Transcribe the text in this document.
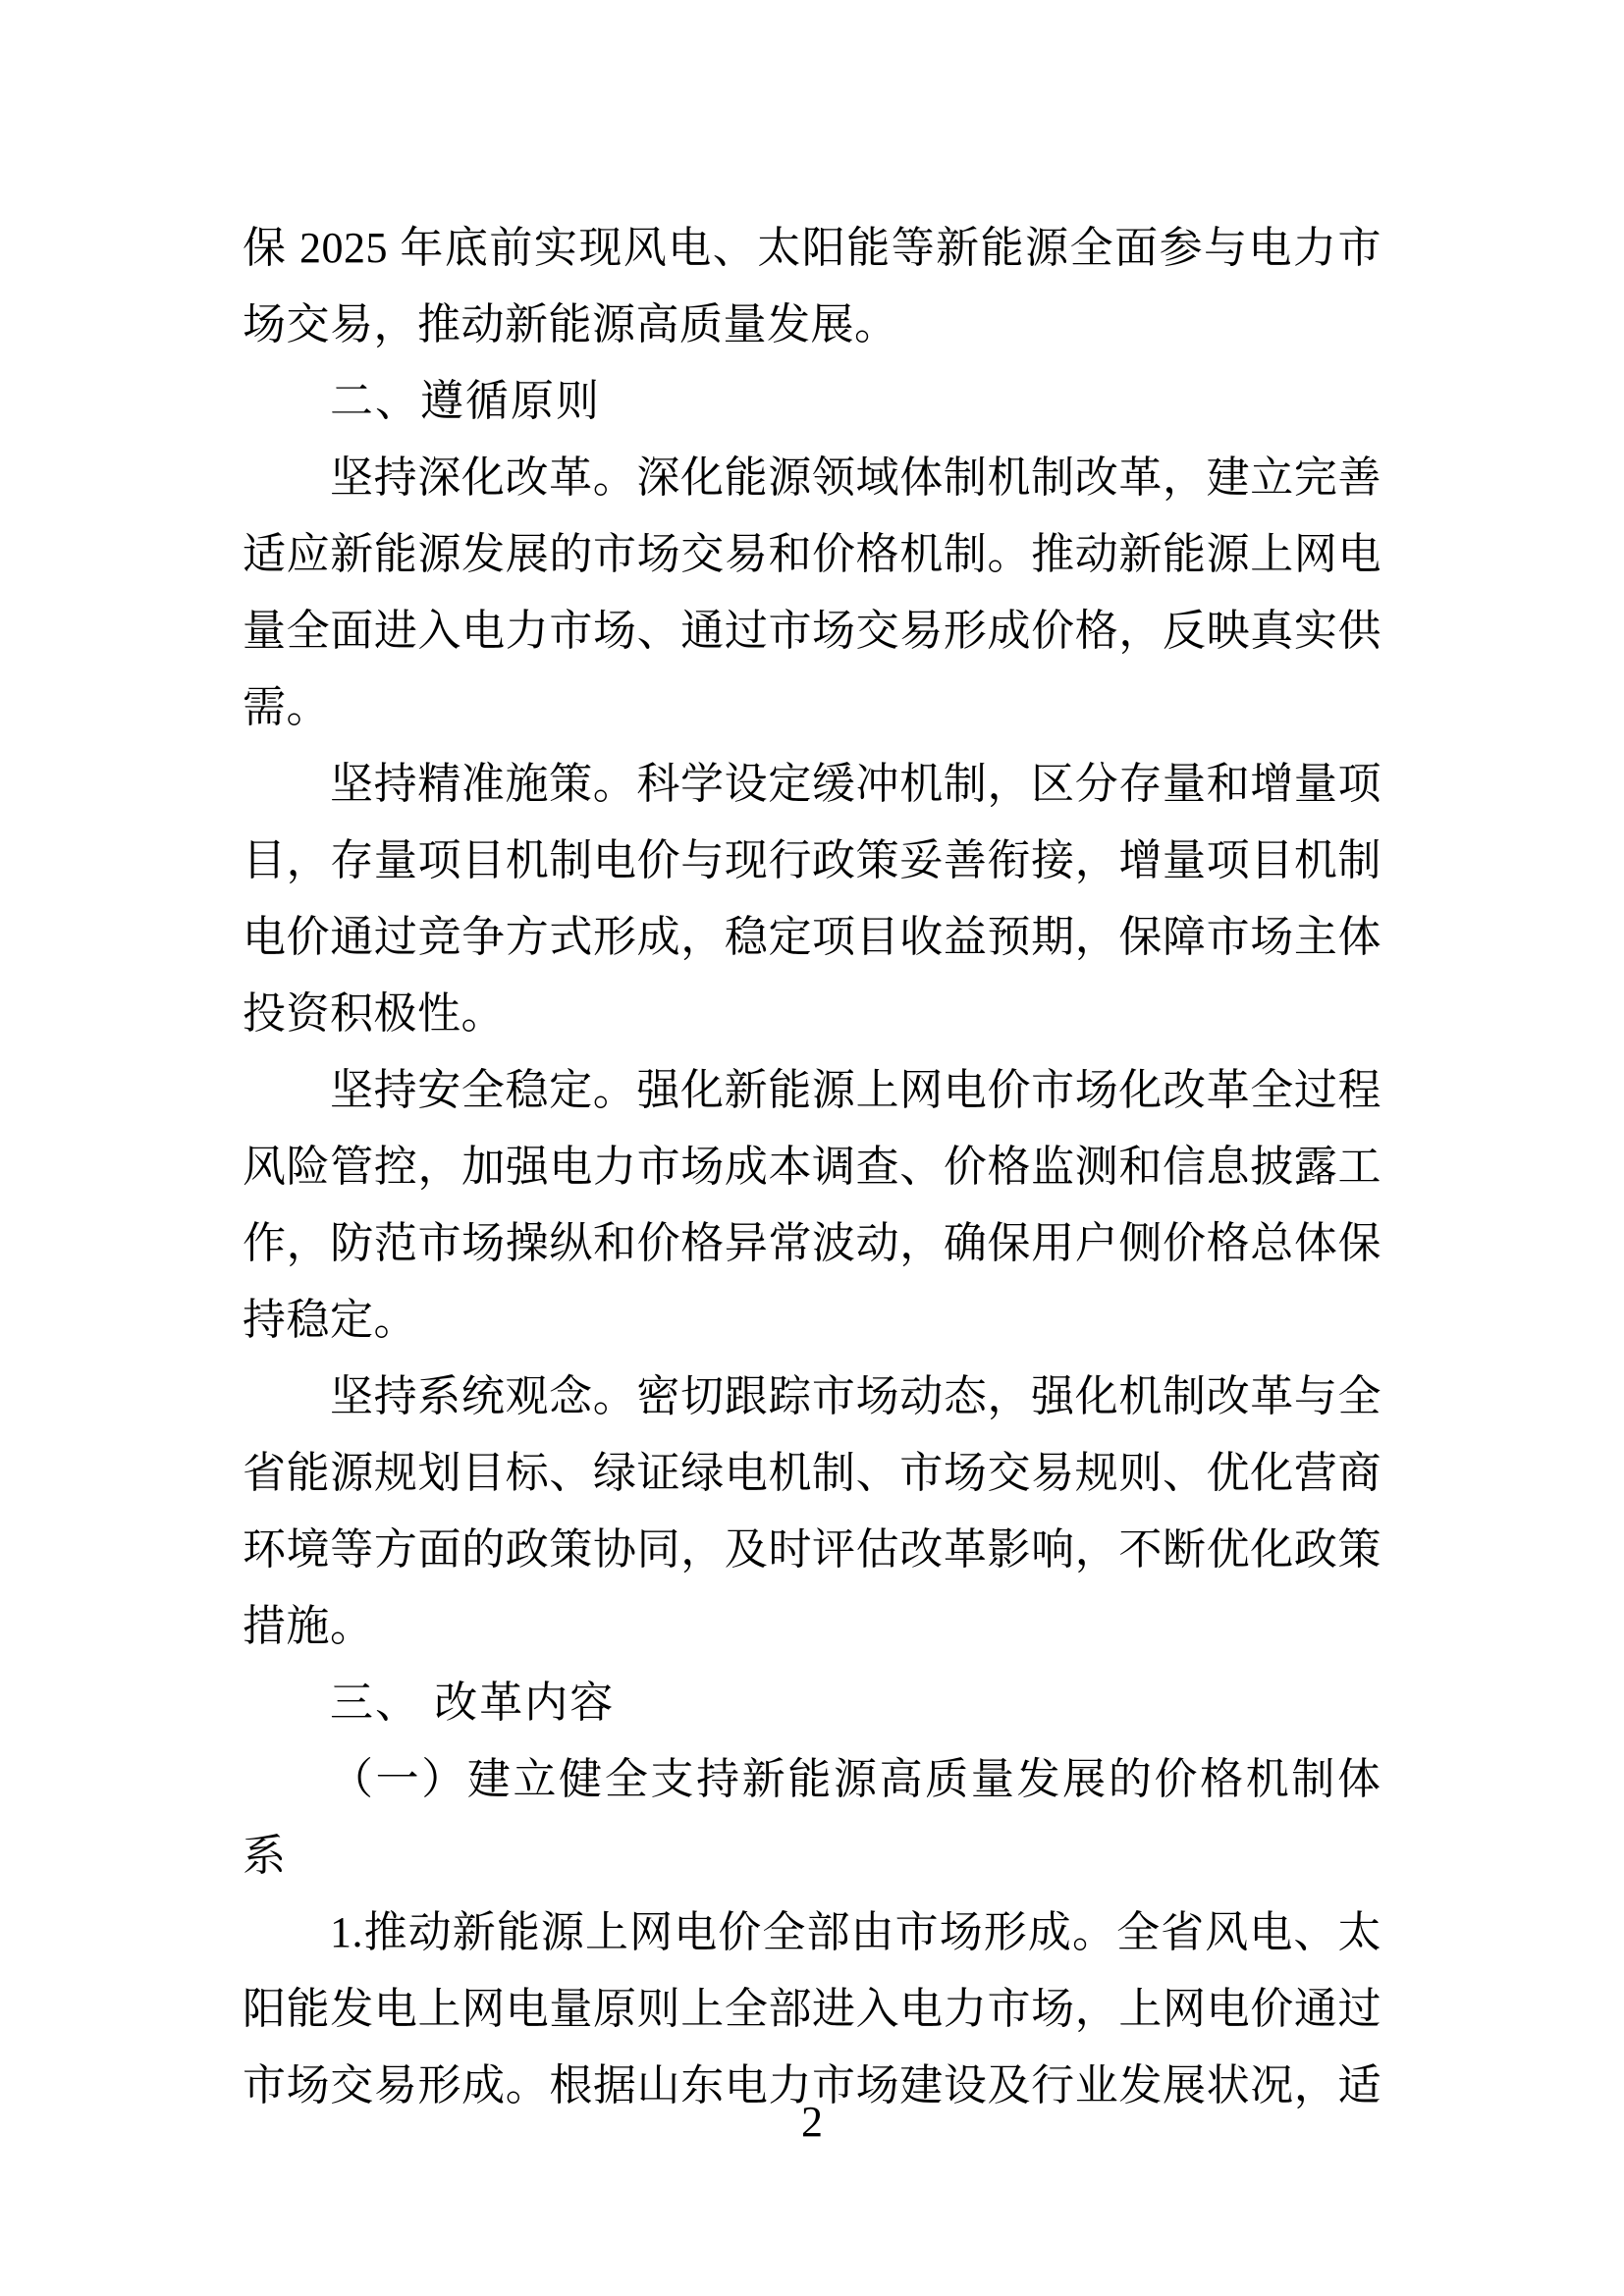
保 2025 年底前实现风电、太阳能等新能源全面参与电力市场交易，推动新能源高质量发展。

二、遵循原则

坚持深化改革。深化能源领域体制机制改革，建立完善适应新能源发展的市场交易和价格机制。推动新能源上网电量全面进入电力市场、通过市场交易形成价格，反映真实供需。

坚持精准施策。科学设定缓冲机制，区分存量和增量项目，存量项目机制电价与现行政策妥善衔接，增量项目机制电价通过竞争方式形成，稳定项目收益预期，保障市场主体投资积极性。

坚持安全稳定。强化新能源上网电价市场化改革全过程风险管控，加强电力市场成本调查、价格监测和信息披露工作，防范市场操纵和价格异常波动，确保用户侧价格总体保持稳定。

坚持系统观念。密切跟踪市场动态，强化机制改革与全省能源规划目标、绿证绿电机制、市场交易规则、优化营商环境等方面的政策协同，及时评估改革影响，不断优化政策措施。

三、 改革内容
（一）建立健全支持新能源高质量发展的价格机制体系

1.推动新能源上网电价全部由市场形成。全省风电、太阳能发电上网电量原则上全部进入电力市场，上网电价通过市场交易形成。根据山东电力市场建设及行业发展状况，适

2
